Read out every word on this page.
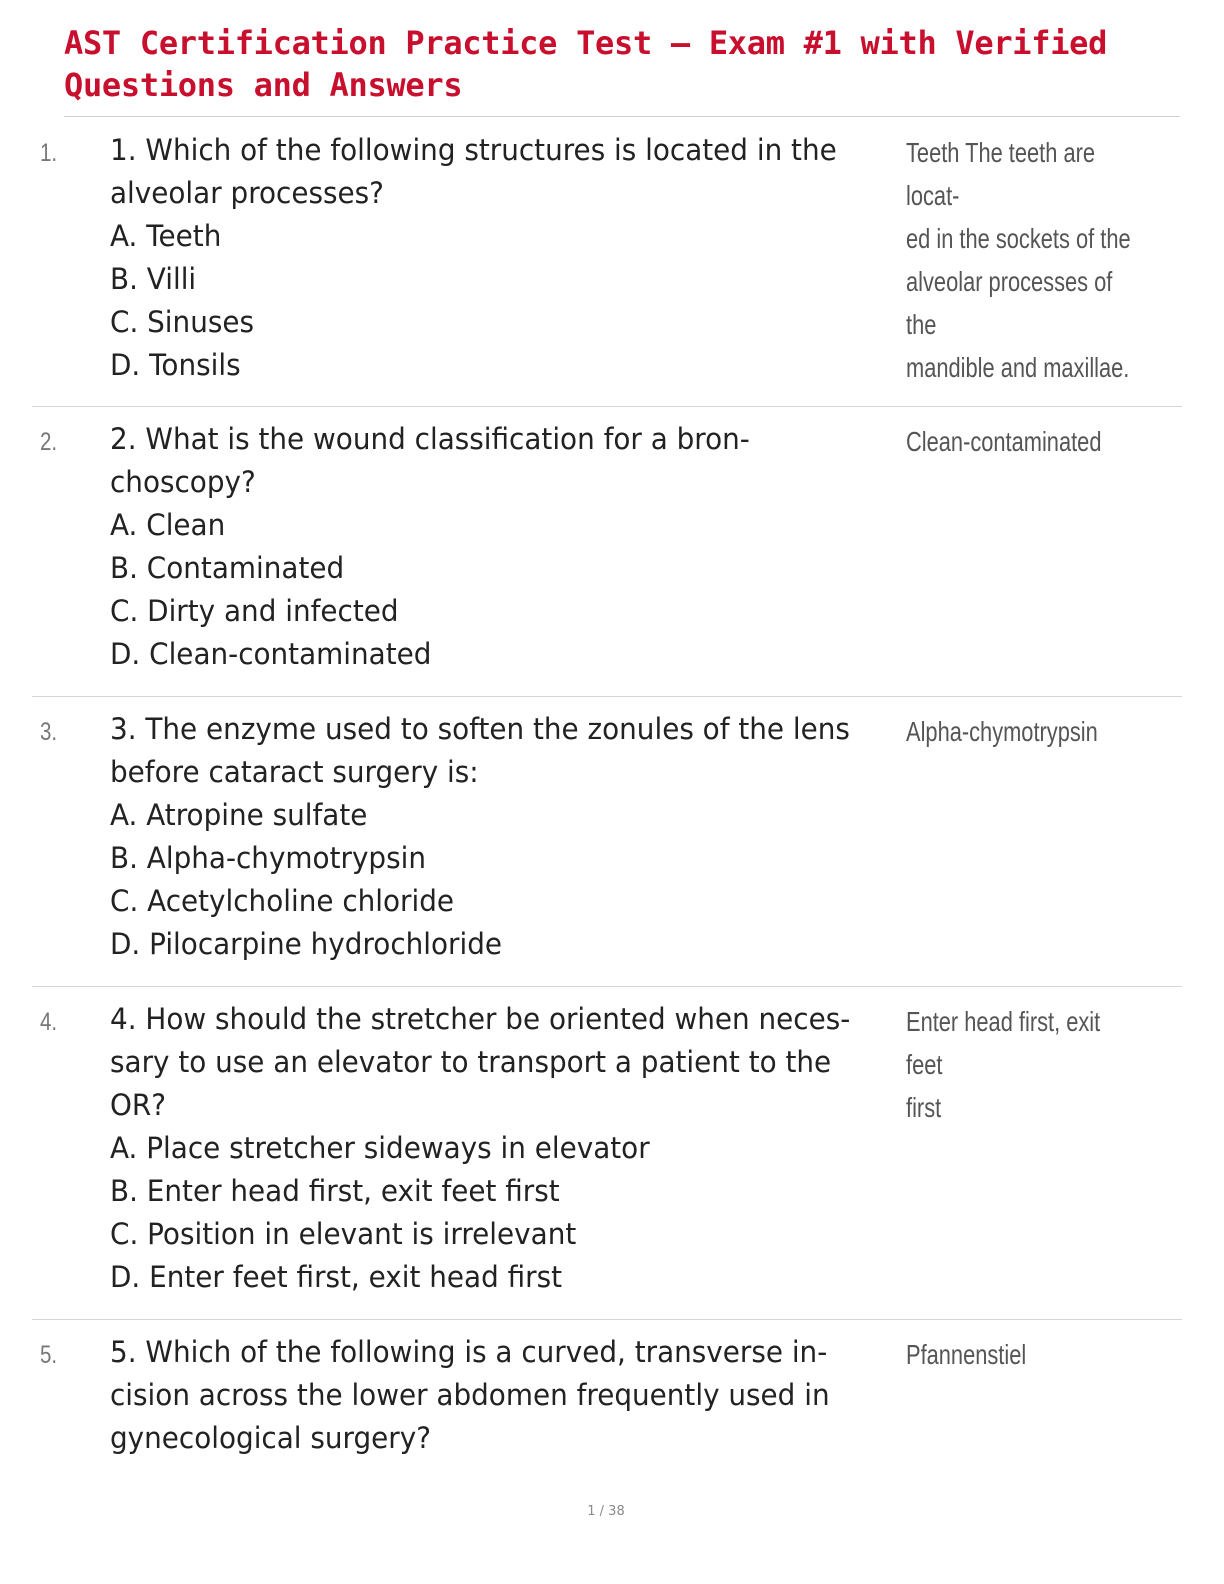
AST Certification Practice Test – Exam #1 with Verified Questions and Answers
1. 1. Which of the following structures is located in the alveolar processes?
A. Teeth
B. Villi
C. Sinuses
D. Tonsils
Teeth The teeth are locat-
ed in the sockets of the
alveolar processes of the
mandible and maxillae.
2. 2. What is the wound classification for a bron-
choscopy?
A. Clean
B. Contaminated
C. Dirty and infected
D. Clean-contaminated
Clean-contaminated
3. 3. The enzyme used to soften the zonules of the lens before cataract surgery is:
A. Atropine sulfate
B. Alpha-chymotrypsin
C. Acetylcholine chloride
D. Pilocarpine hydrochloride
Alpha-chymotrypsin
4. 4. How should the stretcher be oriented when neces-
sary to use an elevator to transport a patient to the
OR?
A. Place stretcher sideways in elevator
B. Enter head first, exit feet first
C. Position in elevant is irrelevant
D. Enter feet first, exit head first
Enter head first, exit feet
first
5. 5. Which of the following is a curved, transverse in-
cision across the lower abdomen frequently used in
gynecological surgery?
Pfannenstiel
1 / 38
